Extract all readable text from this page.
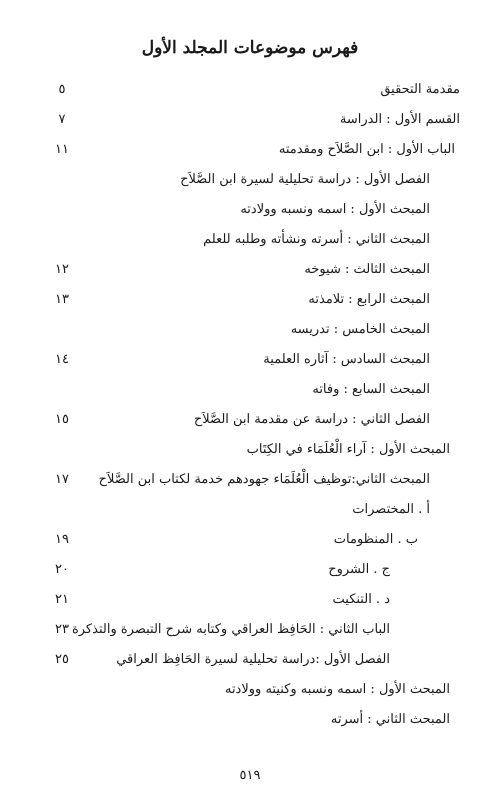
فهرس موضوعات المجلد الأول
مقدمة التحقيق
٥
القسم الأول : الدراسة
٧
الباب الأول : ابن الصَّلاَح ومقدمته
١١
الفصل الأول : دراسة تحليلية لسيرة ابن الصَّلاَح
المبحث الأول : اسمه ونسبه وولادته
المبحث الثاني : أسرته ونشأته وطلبه للعلم
المبحث الثالث : شيوخه
١٢
المبحث الرابع : تلامذته
١٣
المبحث الخامس : تدريسه
المبحث السادس : آثاره العلمية
١٤
المبحث السابع : وفاته
الفصل الثاني : دراسة عن مقدمة ابن الصَّلاَح
١٥
المبحث الأول : آراء الْعُلَمَاء في الكِتَاب
المبحث الثاني:توظيف الْعُلَمَاء جهودهم خدمة لكتاب ابن الصَّلاَح
١٧
أ . المختصرات
ب . المنظومات
١٩
ج . الشروح
٢٠
د . التنكيت
٢١
الباب الثاني : الحَافِظ العراقي وكتابه شرح التبصرة والتذكرة
٢٣
الفصل الأول :دراسة تحليلية لسيرة الحَافِظ العراقي
٢٥
المبحث الأول : اسمه ونسبه وكنيته وولادته
المبحث الثاني : أسرته
٥١٩
